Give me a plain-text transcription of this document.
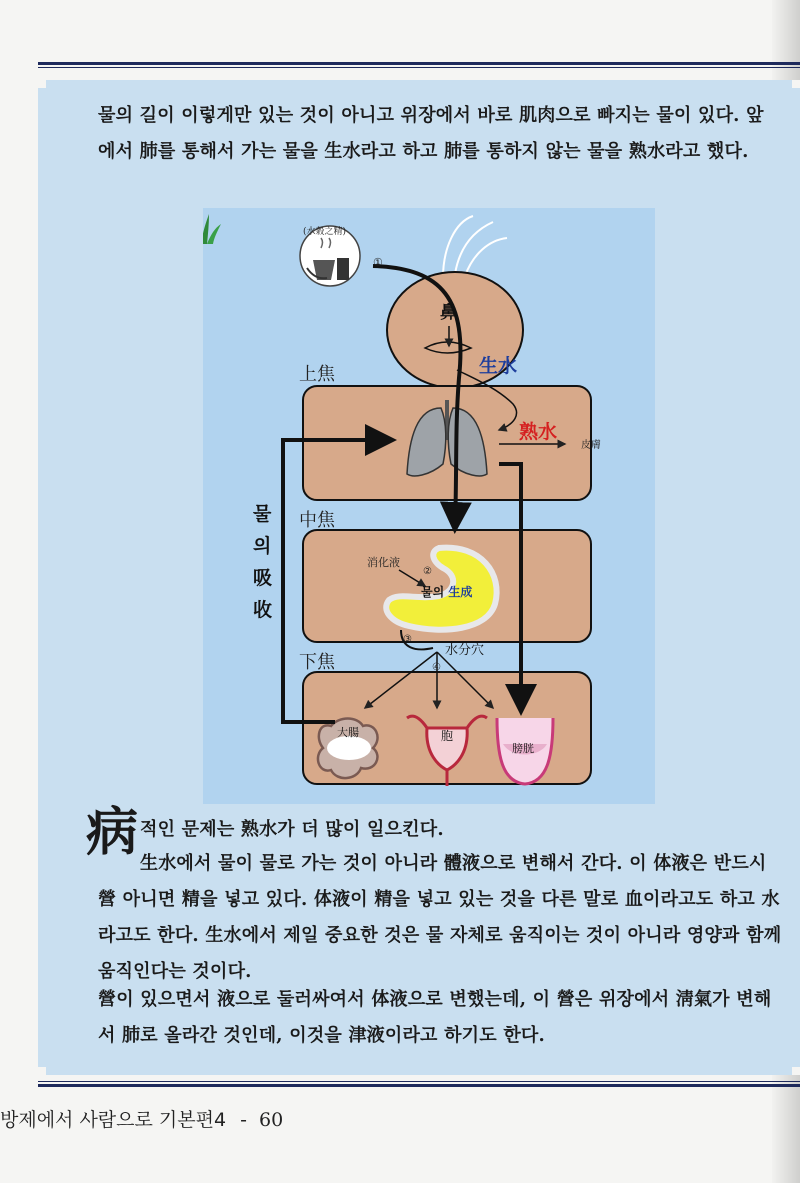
물의 길이 이렇게만 있는 것이 아니고 위장에서 바로 肌肉으로 빠지는 물이 있다. 앞에서 肺를 통해서 가는 물을 生水라고 하고 肺를 통하지 않는 물을 熟水라고 했다.

(水穀之精)
①
鼻
生水
熟水
皮膚
上焦
中焦
下焦
물
의
吸
收
消化液
②
물의 生成
③
水分穴
④
大腸	胞
膀胱
病 적인 문제는 熟水가 더 많이 일으킨다.

生水에서 물이 물로 가는 것이 아니라 體液으로 변해서 간다. 이 体液은 반드시 營 아니면 精을 넣고 있다. 体液이 精을 넣고 있는 것을 다른 말로 血이라고도 하고 水라고도 한다. 生水에서 제일 중요한 것은 물 자체로 움직이는 것이 아니라 영양과 함께 움직인다는 것이다.

營이 있으면서 液으로 둘러싸여서 体液으로 변했는데, 이 營은 위장에서 淸氣가 변해서 肺로 올라간 것인데, 이것을 津液이라고 하기도 한다.

방제에서 사람으로 기본편4 - 60
